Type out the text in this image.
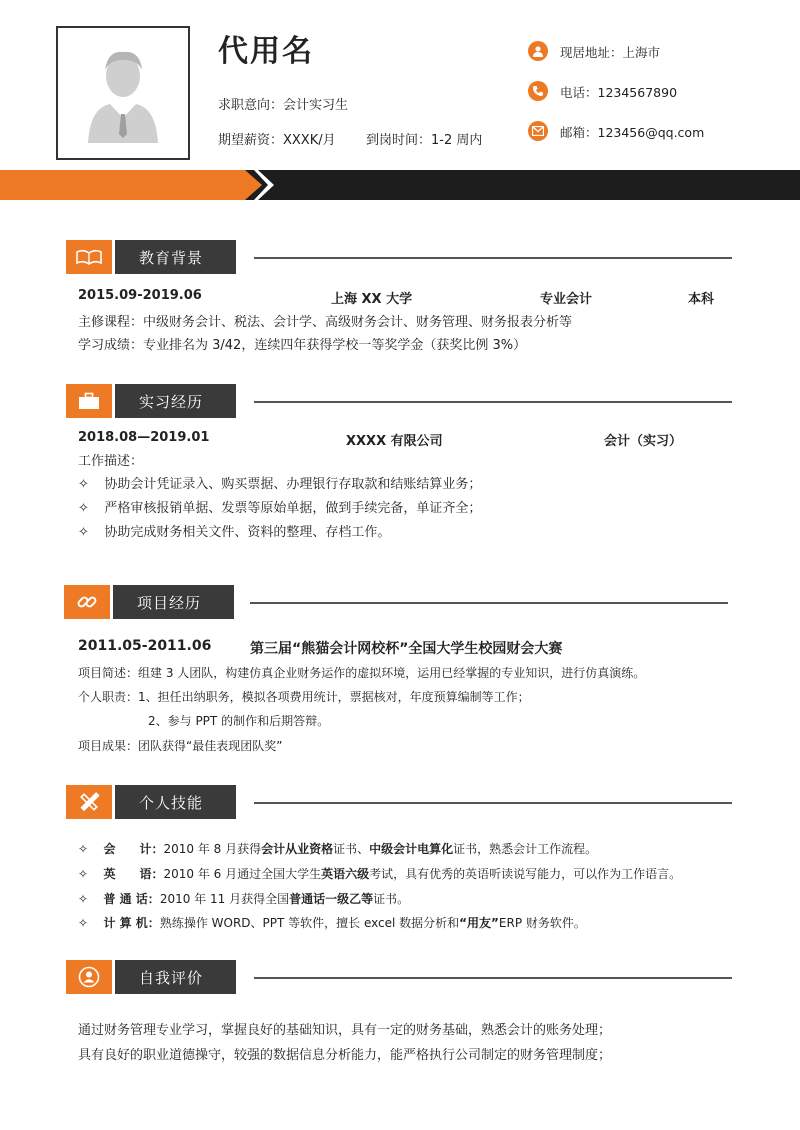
代用名
求职意向：会计实习生
期望薪资：XXXK/月 到岗时间：1-2 周内
现居地址：上海市
电话：1234567890
邮箱：123456@qq.com
教育背景
2015.09-2019.06	上海 XX 大学	专业会计	本科
主修课程：中级财务会计、税法、会计学、高级财务会计、财务管理、财务报表分析等
学习成绩：专业排名为 3/42，连续四年获得学校一等奖学金（获奖比例 3%）
实习经历
2018.08—2019.01	XXXX 有限公司	会计（实习）
工作描述：
✧ 协助会计凭证录入、购买票据、办理银行存取款和结账结算业务；
✧ 严格审核报销单据、发票等原始单据，做到手续完备，单证齐全；
✧ 协助完成财务相关文件、资料的整理、存档工作。
项目经历
2011.05-2011.06	第三届“熊猫会计网校杯”全国大学生校园财会大赛
项目简述：组建 3 人团队，构建仿真企业财务运作的虚拟环境，运用已经掌握的专业知识，进行仿真演练。
个人职责：1、担任出纳职务，模拟各项费用统计，票据核对，年度预算编制等工作；
2、参与 PPT 的制作和后期答辩。
项目成果：团队获得“最佳表现团队奖”
个人技能
✧ 会　　计：2010 年 8 月获得会计从业资格证书、中级会计电算化证书，熟悉会计工作流程。
✧ 英　　语：2010 年 6 月通过全国大学生英语六级考试，具有优秀的英语听读说写能力，可以作为工作语言。
✧ 普 通 话：2010 年 11 月获得全国普通话一级乙等证书。
✧ 计 算 机：熟练操作 WORD、PPT 等软件，擅长 excel 数据分析和“用友”ERP 财务软件。
自我评价
通过财务管理专业学习，掌握良好的基础知识，具有一定的财务基础，熟悉会计的账务处理；
具有良好的职业道德操守，较强的数据信息分析能力，能严格执行公司制定的财务管理制度；
